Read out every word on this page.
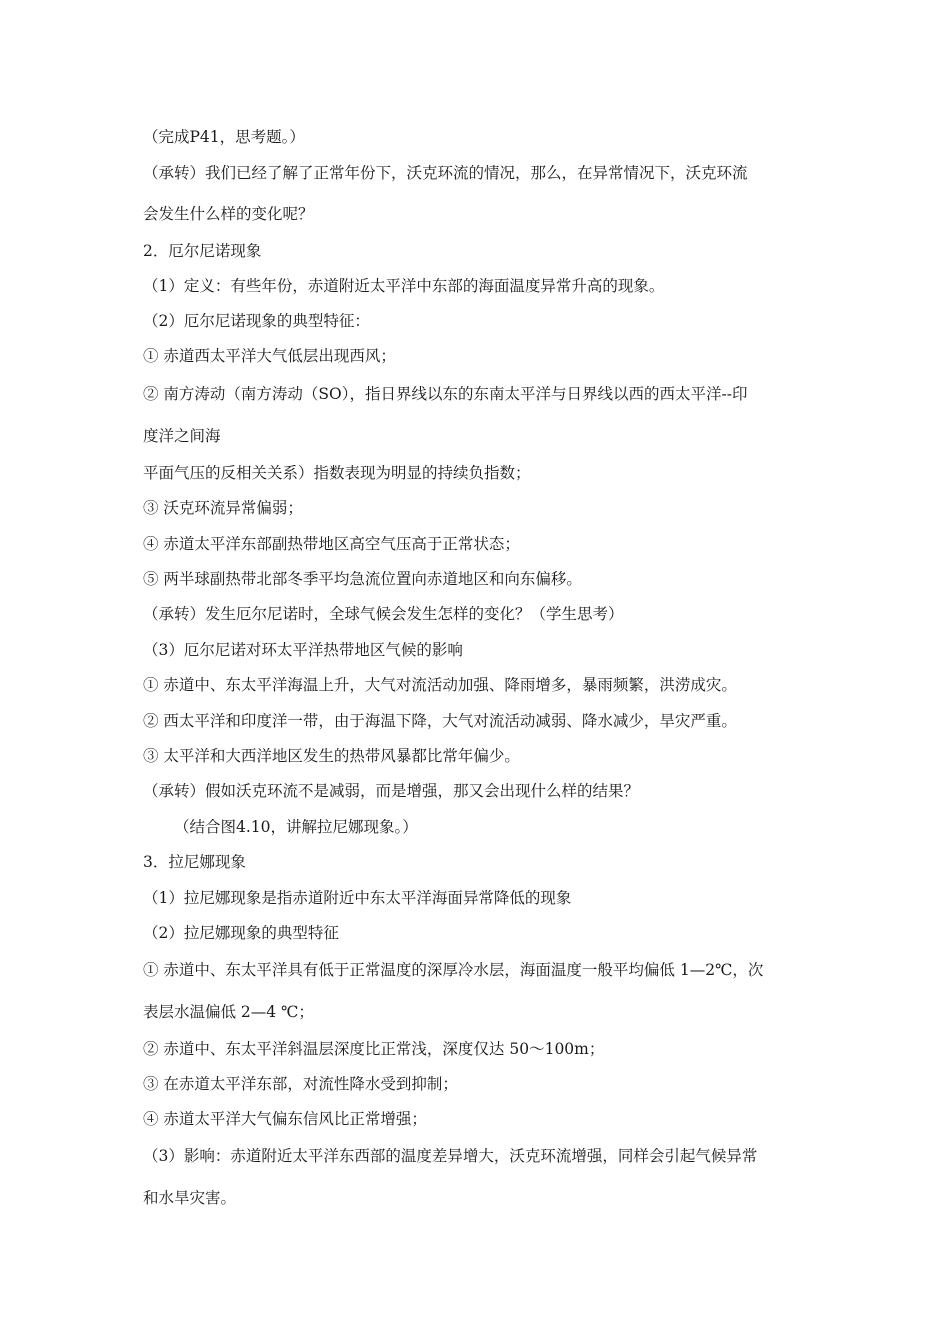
（完成P41，思考题。）
（承转）我们已经了解了正常年份下，沃克环流的情况，那么，在异常情况下，沃克环流
会发生什么样的变化呢？
2．厄尔尼诺现象
（1）定义：有些年份，赤道附近太平洋中东部的海面温度异常升高的现象。
（2）厄尔尼诺现象的典型特征：
① 赤道西太平洋大气低层出现西风；
② 南方涛动（南方涛动（SO），指日界线以东的东南太平洋与日界线以西的西太平洋--印
度洋之间海
平面气压的反相关关系）指数表现为明显的持续负指数；
③ 沃克环流异常偏弱；
④ 赤道太平洋东部副热带地区高空气压高于正常状态；
⑤ 两半球副热带北部冬季平均急流位置向赤道地区和向东偏移。
（承转）发生厄尔尼诺时，全球气候会发生怎样的变化？（学生思考）
（3）厄尔尼诺对环太平洋热带地区气候的影响
① 赤道中、东太平洋海温上升，大气对流活动加强、降雨增多，暴雨频繁，洪涝成灾。
② 西太平洋和印度洋一带，由于海温下降，大气对流活动减弱、降水减少，旱灾严重。
③ 太平洋和大西洋地区发生的热带风暴都比常年偏少。
（承转）假如沃克环流不是减弱，而是增强，那又会出现什么样的结果？
（结合图4.10，讲解拉尼娜现象。）
3．拉尼娜现象
（1）拉尼娜现象是指赤道附近中东太平洋海面异常降低的现象
（2）拉尼娜现象的典型特征
① 赤道中、东太平洋具有低于正常温度的深厚冷水层，海面温度一般平均偏低 1—2℃，次
表层水温偏低 2—4 ℃；
② 赤道中、东太平洋斜温层深度比正常浅，深度仅达 50～100m；
③ 在赤道太平洋东部，对流性降水受到抑制；
④ 赤道太平洋大气偏东信风比正常增强；
（3）影响：赤道附近太平洋东西部的温度差异增大，沃克环流增强，同样会引起气候异常
和水旱灾害。
